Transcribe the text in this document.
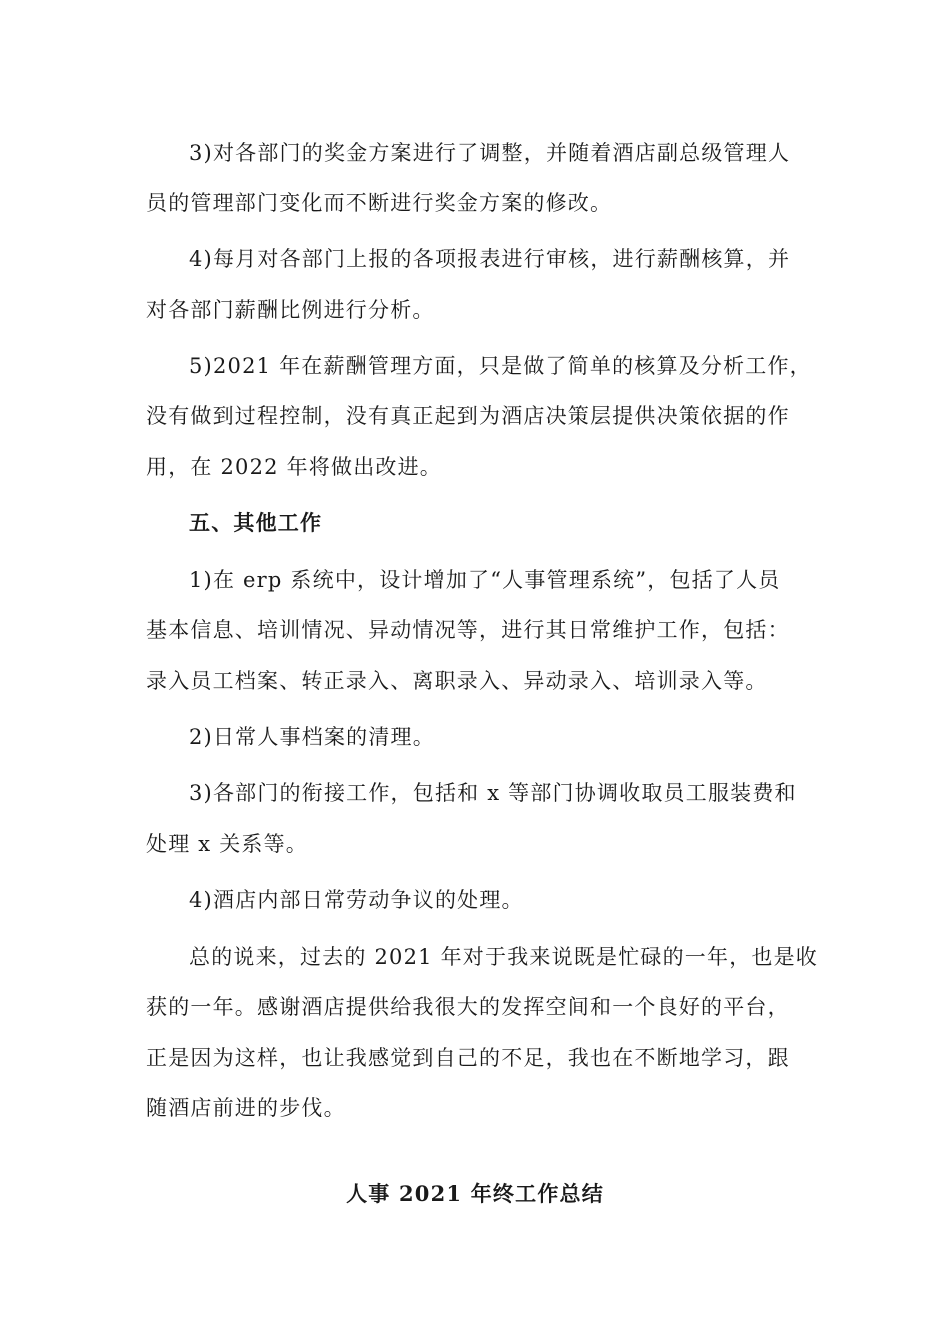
3)对各部门的奖金方案进行了调整，并随着酒店副总级管理人
员的管理部门变化而不断进行奖金方案的修改。
4)每月对各部门上报的各项报表进行审核，进行薪酬核算，并
对各部门薪酬比例进行分析。
5)2021 年在薪酬管理方面，只是做了简单的核算及分析工作，
没有做到过程控制，没有真正起到为酒店决策层提供决策依据的作
用，在 2022 年将做出改进。
五、其他工作
1)在 erp 系统中，设计增加了“人事管理系统”，包括了人员
基本信息、培训情况、异动情况等，进行其日常维护工作，包括：
录入员工档案、转正录入、离职录入、异动录入、培训录入等。
2)日常人事档案的清理。
3)各部门的衔接工作，包括和 x 等部门协调收取员工服装费和
处理 x 关系等。
4)酒店内部日常劳动争议的处理。
总的说来，过去的 2021 年对于我来说既是忙碌的一年，也是收
获的一年。感谢酒店提供给我很大的发挥空间和一个良好的平台，
正是因为这样，也让我感觉到自己的不足，我也在不断地学习，跟
随酒店前进的步伐。
人事 2021 年终工作总结
